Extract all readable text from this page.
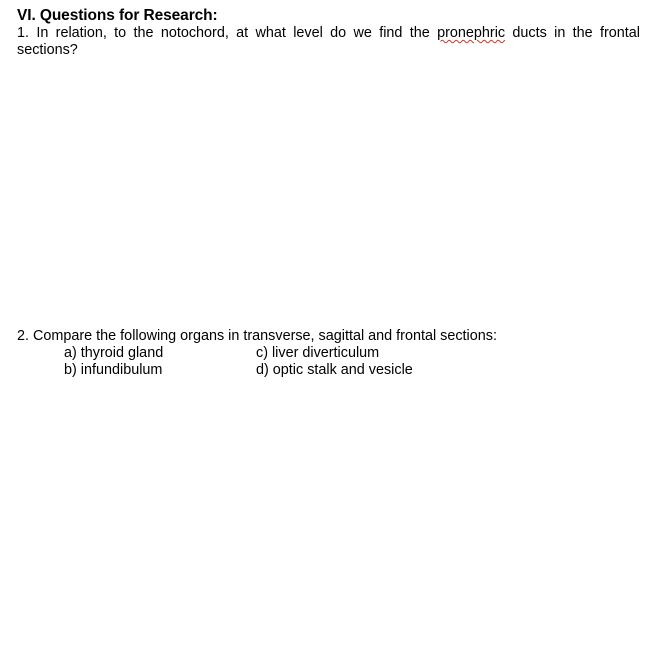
VI. Questions for Research:
1. In relation, to the notochord, at what level do we find the pronephric ducts in the frontal sections?
2. Compare the following organs in transverse, sagittal and frontal sections:
a) thyroid gland	c) liver diverticulum
b) infundibulum	d) optic stalk and vesicle
